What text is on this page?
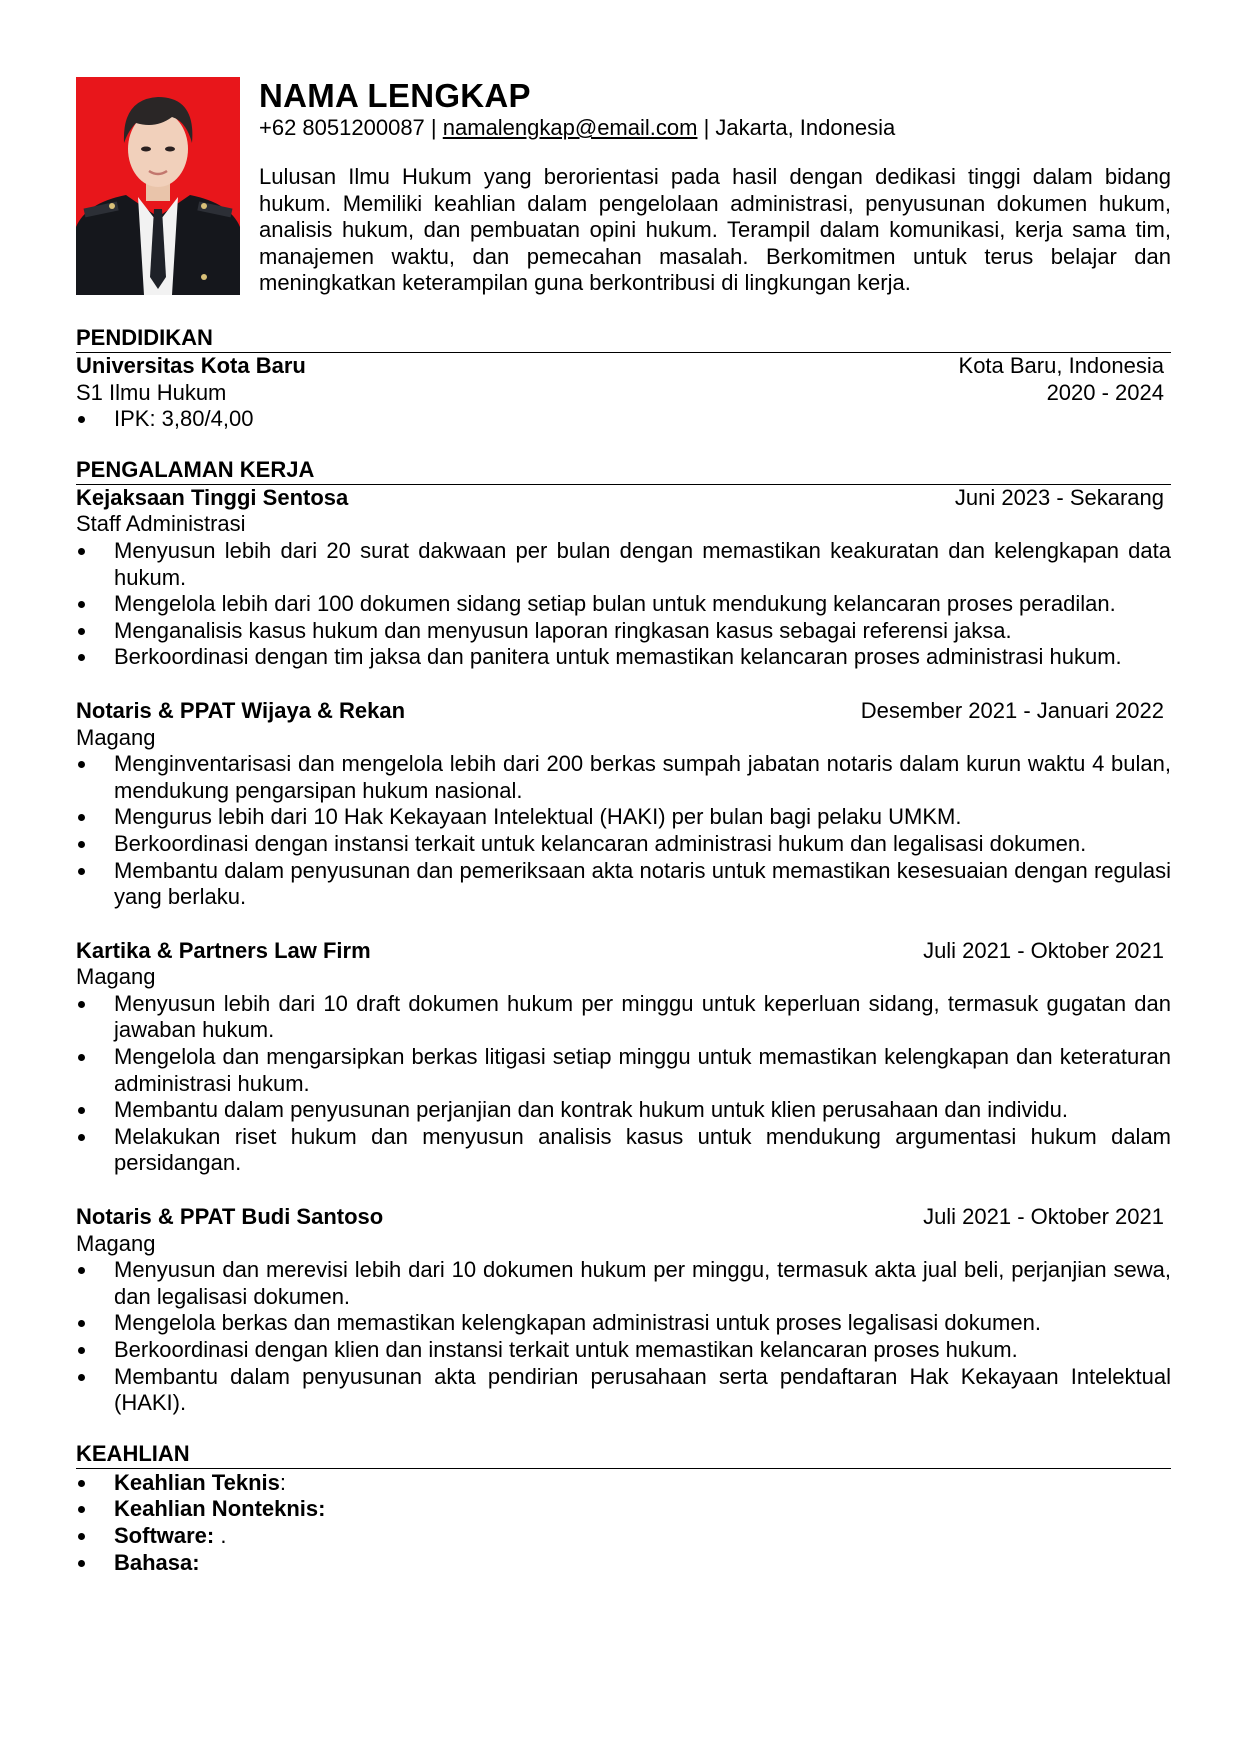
NAMA LENGKAP
+62 8051200087 | namalengkap@email.com | Jakarta, Indonesia
Lulusan Ilmu Hukum yang berorientasi pada hasil dengan dedikasi tinggi dalam bidang hukum. Memiliki keahlian dalam pengelolaan administrasi, penyusunan dokumen hukum, analisis hukum, dan pembuatan opini hukum. Terampil dalam komunikasi, kerja sama tim, manajemen waktu, dan pemecahan masalah. Berkomitmen untuk terus belajar dan meningkatkan keterampilan guna berkontribusi di lingkungan kerja.
PENDIDIKAN
Universitas Kota Baru	Kota Baru, Indonesia
S1 Ilmu Hukum	2020 - 2024
IPK: 3,80/4,00
PENGALAMAN KERJA
Kejaksaan Tinggi Sentosa	Juni 2023 - Sekarang
Staff Administrasi
Menyusun lebih dari 20 surat dakwaan per bulan dengan memastikan keakuratan dan kelengkapan data hukum.
Mengelola lebih dari 100 dokumen sidang setiap bulan untuk mendukung kelancaran proses peradilan.
Menganalisis kasus hukum dan menyusun laporan ringkasan kasus sebagai referensi jaksa.
Berkoordinasi dengan tim jaksa dan panitera untuk memastikan kelancaran proses administrasi hukum.
Notaris & PPAT Wijaya & Rekan	Desember 2021 - Januari 2022
Magang
Menginventarisasi dan mengelola lebih dari 200 berkas sumpah jabatan notaris dalam kurun waktu 4 bulan, mendukung pengarsipan hukum nasional.
Mengurus lebih dari 10 Hak Kekayaan Intelektual (HAKI) per bulan bagi pelaku UMKM.
Berkoordinasi dengan instansi terkait untuk kelancaran administrasi hukum dan legalisasi dokumen.
Membantu dalam penyusunan dan pemeriksaan akta notaris untuk memastikan kesesuaian dengan regulasi yang berlaku.
Kartika & Partners Law Firm	Juli 2021 - Oktober 2021
Magang
Menyusun lebih dari 10 draft dokumen hukum per minggu untuk keperluan sidang, termasuk gugatan dan jawaban hukum.
Mengelola dan mengarsipkan berkas litigasi setiap minggu untuk memastikan kelengkapan dan keteraturan administrasi hukum.
Membantu dalam penyusunan perjanjian dan kontrak hukum untuk klien perusahaan dan individu.
Melakukan riset hukum dan menyusun analisis kasus untuk mendukung argumentasi hukum dalam persidangan.
Notaris & PPAT Budi Santoso	Juli 2021 - Oktober 2021
Magang
Menyusun dan merevisi lebih dari 10 dokumen hukum per minggu, termasuk akta jual beli, perjanjian sewa, dan legalisasi dokumen.
Mengelola berkas dan memastikan kelengkapan administrasi untuk proses legalisasi dokumen.
Berkoordinasi dengan klien dan instansi terkait untuk memastikan kelancaran proses hukum.
Membantu dalam penyusunan akta pendirian perusahaan serta pendaftaran Hak Kekayaan Intelektual (HAKI).
KEAHLIAN
Keahlian Teknis:
Keahlian Nonteknis:
Software: .
Bahasa:
